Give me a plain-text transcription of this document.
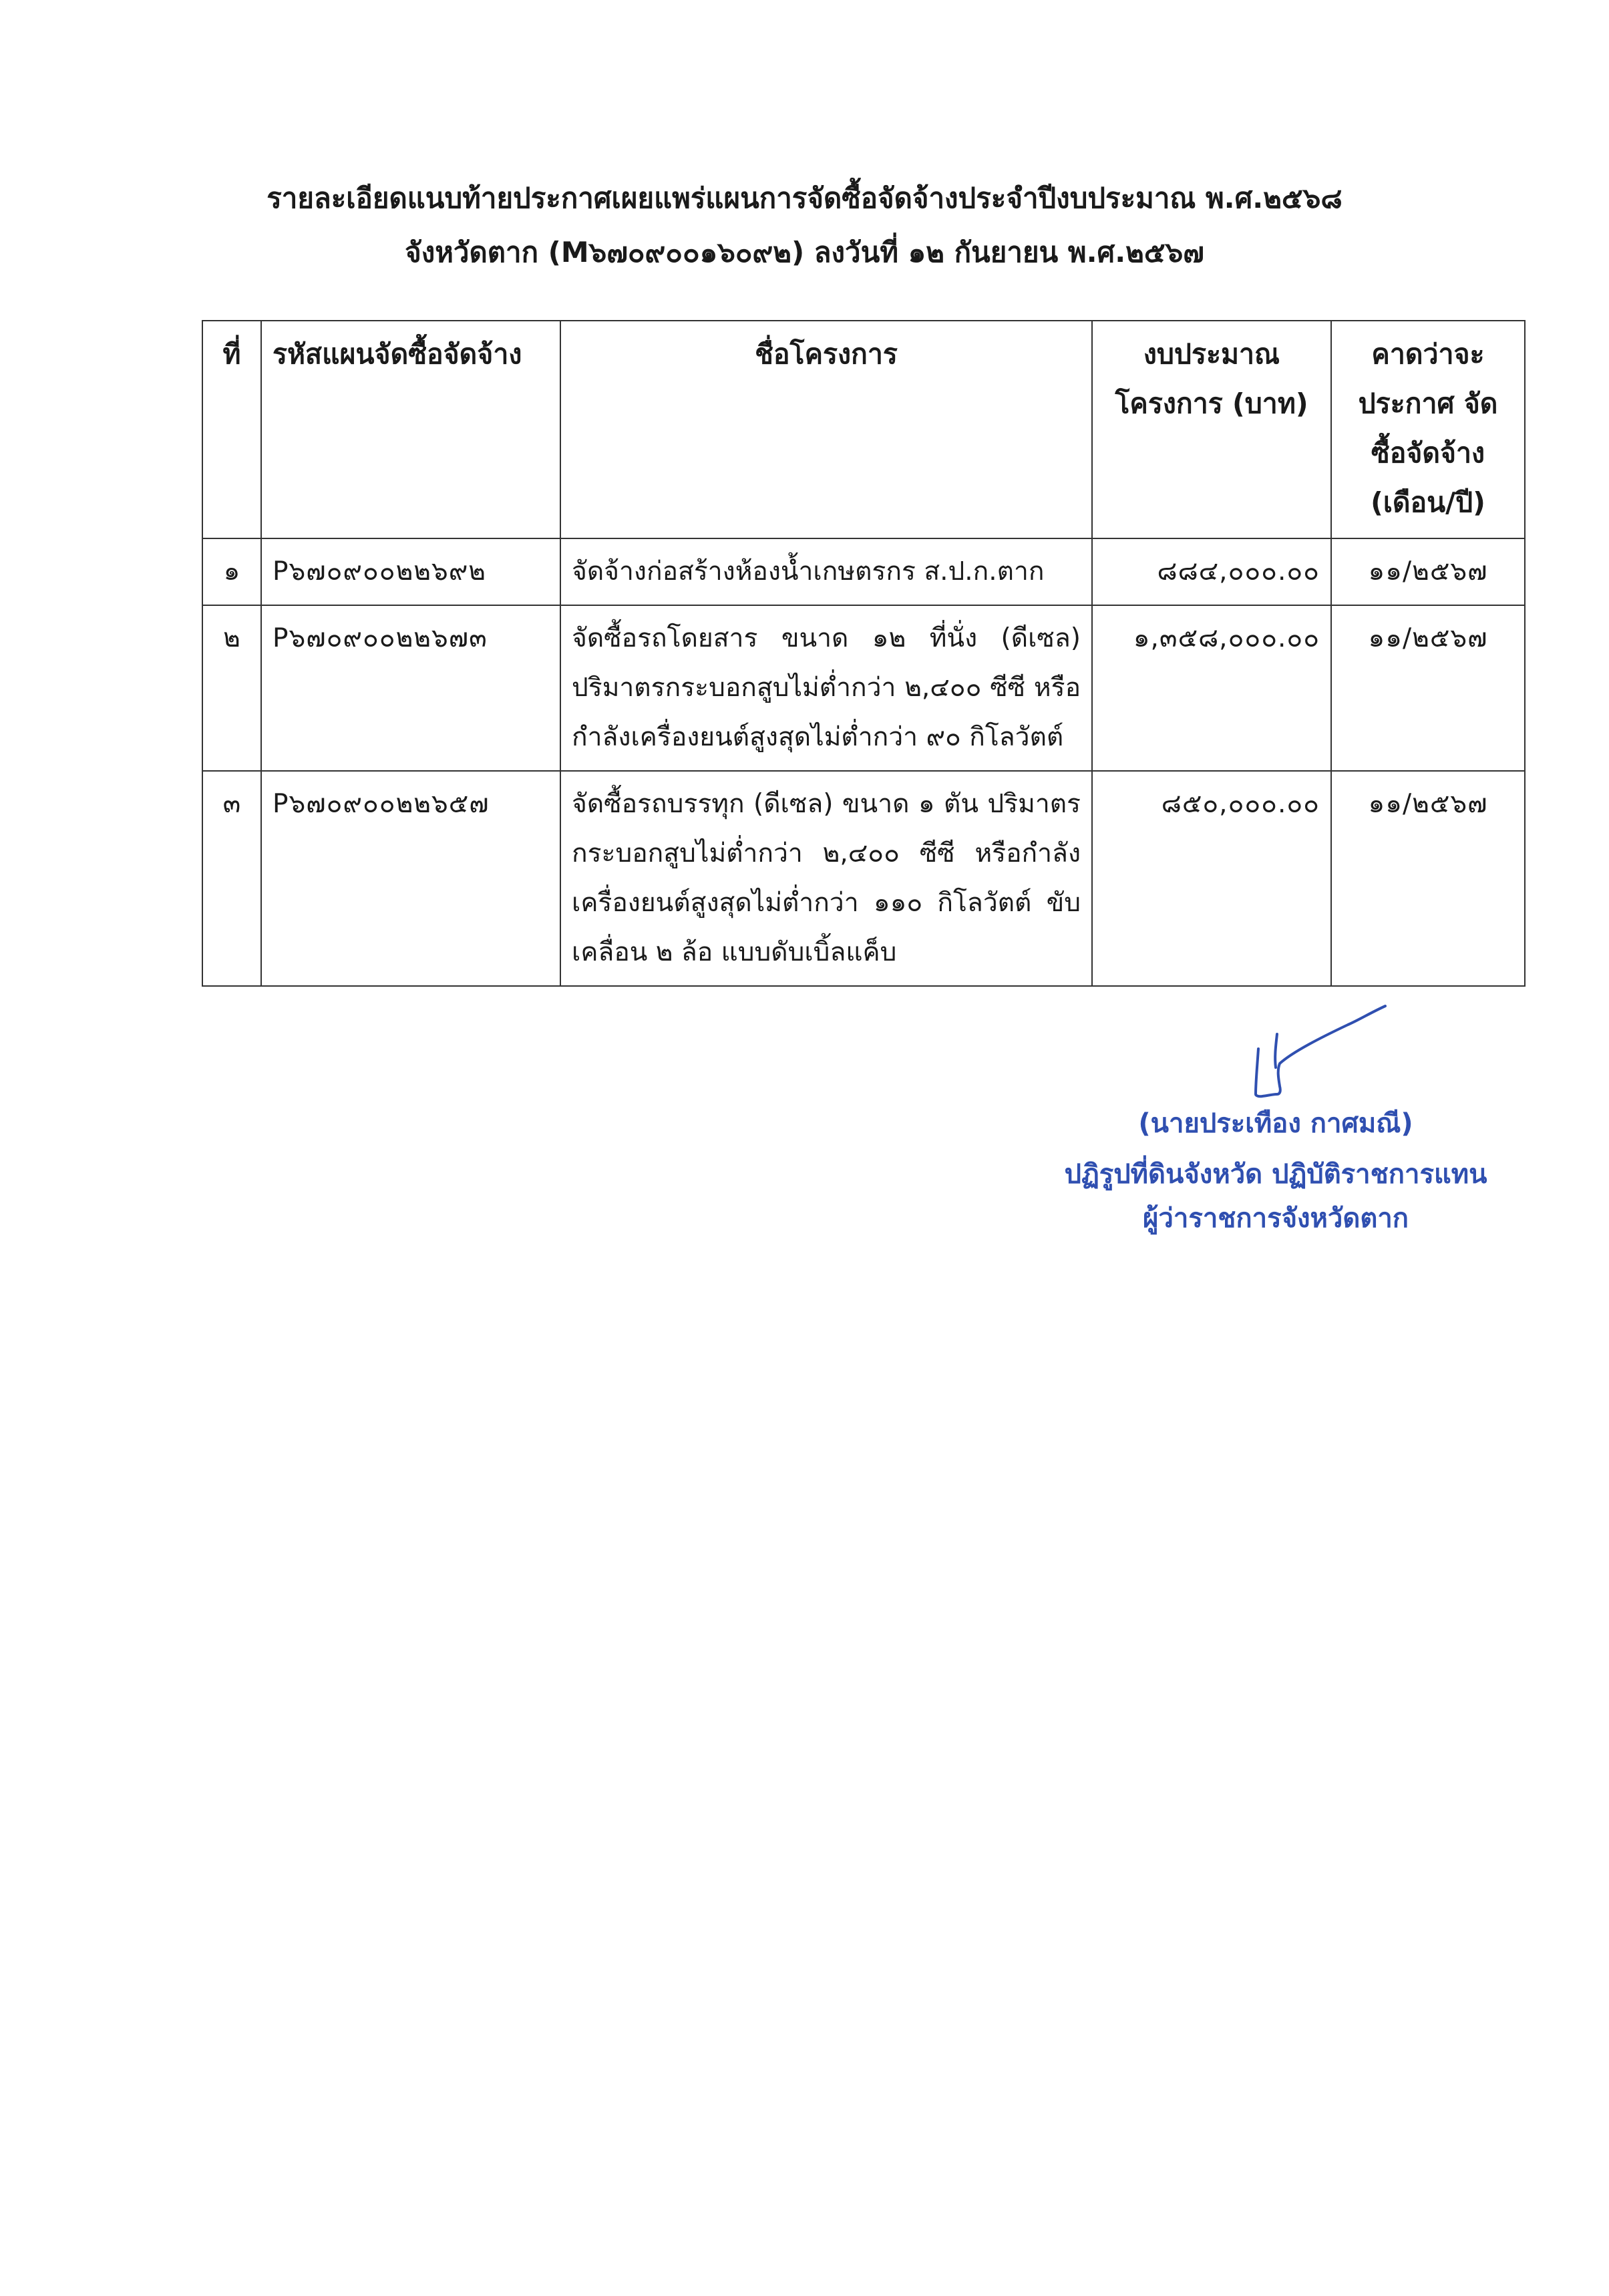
รายละเอียดแนบท้ายประกาศเผยแพร่แผนการจัดซื้อจัดจ้างประจำปีงบประมาณ พ.ศ.๒๕๖๘
จังหวัดตาก (M๖๗๐๙๐๐๑๖๐๙๒) ลงวันที่ ๑๒ กันยายน พ.ศ.๒๕๖๗
ที่	รหัสแผนจัดซื้อจัดจ้าง	ชื่อโครงการ	งบประมาณ โครงการ (บาท)	คาดว่าจะ ประกาศ จัดซื้อจัดจ้าง (เดือน/ปี)
๑	P๖๗๐๙๐๐๒๒๖๙๒	จัดจ้างก่อสร้างห้องน้ำเกษตรกร ส.ป.ก.ตาก	๘๘๔,๐๐๐.๐๐	๑๑/๒๕๖๗
๒	P๖๗๐๙๐๐๒๒๖๗๓	จัดซื้อรถโดยสาร ขนาด ๑๒ ที่นั่ง (ดีเซล) ปริมาตรกระบอกสูบไม่ต่ำกว่า ๒,๔๐๐ ซีซี หรือกำลังเครื่องยนต์สูงสุดไม่ต่ำกว่า ๙๐ กิโลวัตต์	๑,๓๕๘,๐๐๐.๐๐	๑๑/๒๕๖๗
๓	P๖๗๐๙๐๐๒๒๖๕๗	จัดซื้อรถบรรทุก (ดีเซล) ขนาด ๑ ตัน ปริมาตรกระบอกสูบไม่ต่ำกว่า ๒,๔๐๐ ซีซี หรือกำลังเครื่องยนต์สูงสุดไม่ต่ำกว่า ๑๑๐ กิโลวัตต์ ขับเคลื่อน ๒ ล้อ แบบดับเบิ้ลแค็บ	๘๕๐,๐๐๐.๐๐	๑๑/๒๕๖๗
(นายประเทือง กาศมณี)
ปฏิรูปที่ดินจังหวัด ปฏิบัติราชการแทน
ผู้ว่าราชการจังหวัดตาก
